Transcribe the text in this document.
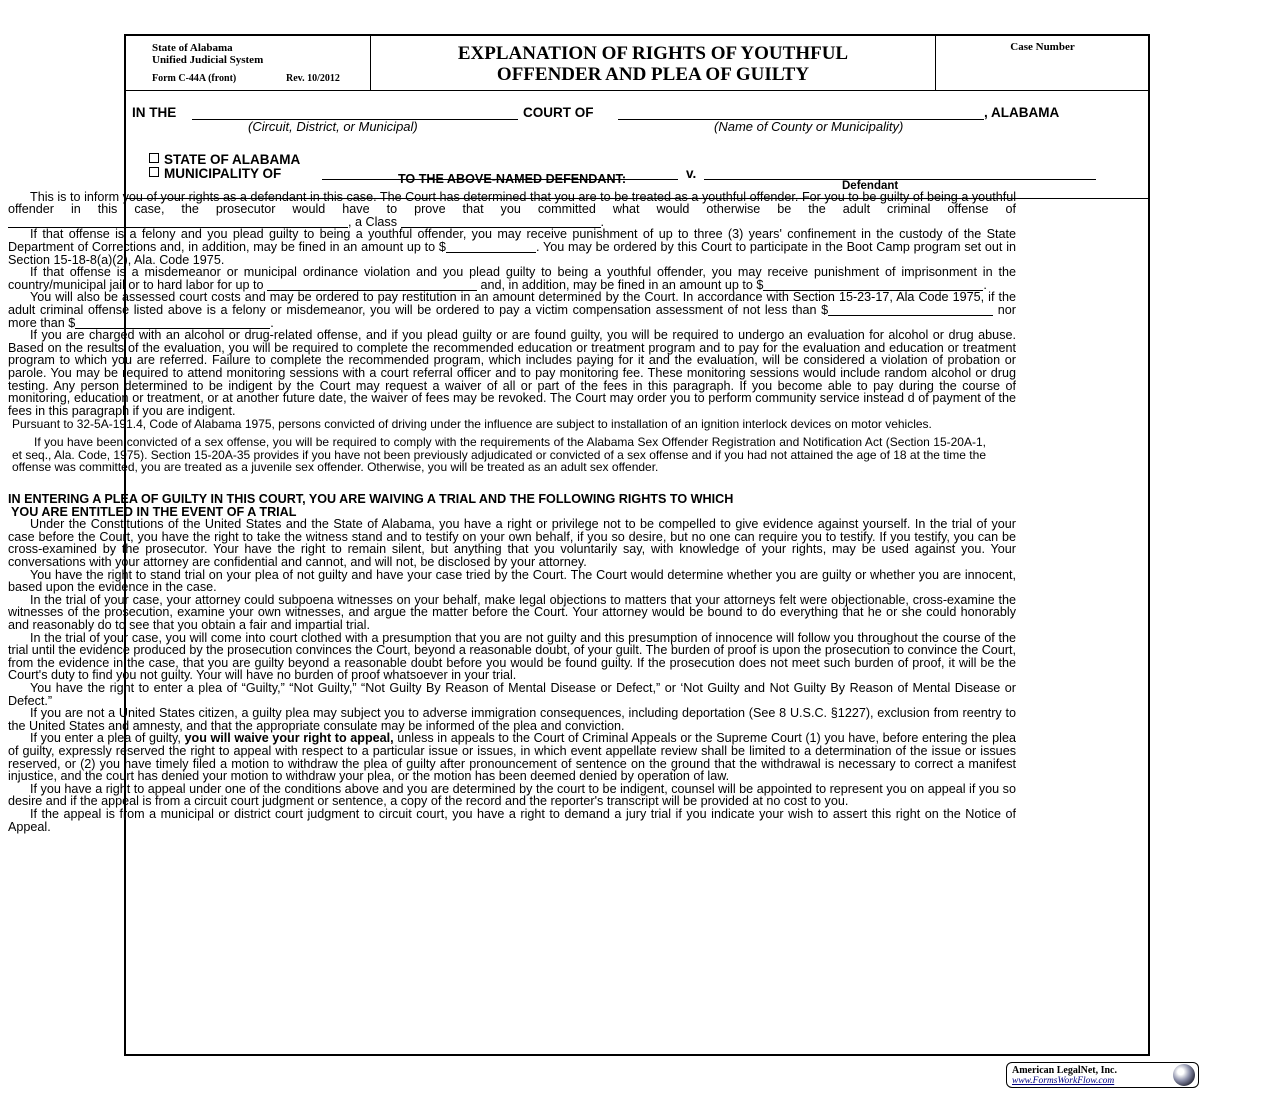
State of Alabama
Unified Judicial System
Form C-44A (front)	Rev. 10/2012
EXPLANATION OF RIGHTS OF YOUTHFUL
OFFENDER AND PLEA OF GUILTY
Case Number
IN THE	COURT OF	, ALABAMA
(Circuit, District, or Municipal)	(Name of County or Municipality)
STATE OF ALABAMA
MUNICIPALITY OF	v.
Defendant

TO THE ABOVE-NAMED DEFENDANT:

This is to inform you of your rights as a defendant in this case. The Court has determined that you are to be treated as a youthful offender. For you to be guilty of being a youthful offender in this case, the prosecutor would have to prove that you committed what would otherwise be the adult criminal offense of , a Class	.

If that offense is a felony and you plead guilty to being a youthful offender, you may receive punishment of up to three (3) years' confinement in the custody of the State Department of Corrections and, in addition, may be fined in an amount up to $	. You may be ordered by this Court to participate in the Boot Camp program set out in Section 15-18-8(a)(2), Ala. Code 1975.

If that offense is a misdemeanor or municipal ordinance violation and you plead guilty to being a youthful offender, you may receive punishment of imprisonment in the country/municipal jail or to hard labor for up to	and, in addition, may be fined in an amount up to $	.

You will also be assessed court costs and may be ordered to pay restitution in an amount determined by the Court. In accordance with Section 15-23-17, Ala Code 1975, if the adult criminal offense listed above is a felony or misdemeanor, you will be ordered to pay a victim compensation assessment of not less than $	nor more than $	.

If you are charged with an alcohol or drug-related offense, and if you plead guilty or are found guilty, you will be required to undergo an evaluation for alcohol or drug abuse. Based on the results of the evaluation, you will be required to complete the recommended education or treatment program and to pay for the evaluation and education or treatment program to which you are referred. Failure to complete the recommended program, which includes paying for it and the evaluation, will be considered a violation of probation or parole. You may be required to attend monitoring sessions with a court referral officer and to pay monitoring fee. These monitoring sessions would include random alcohol or drug testing. Any person determined to be indigent by the Court may request a waiver of all or part of the fees in this paragraph. If you become able to pay during the course of monitoring, education or treatment, or at another future date, the waiver of fees may be revoked. The Court may order you to perform community service instead d of payment of the fees in this paragraph if you are indigent.

Pursuant to 32-5A-191.4, Code of Alabama 1975, persons convicted of driving under the influence are subject to installation of an ignition interlock devices on motor vehicles.

If you have been convicted of a sex offense, you will be required to comply with the requirements of the Alabama Sex Offender Registration and Notification Act (Section 15-20A-1, et seq., Ala. Code, 1975). Section 15-20A-35 provides if you have not been previously adjudicated or convicted of a sex offense and if you had not attained the age of 18 at the time the offense was committed, you are treated as a juvenile sex offender. Otherwise, you will be treated as an adult sex offender.

IN ENTERING A PLEA OF GUILTY IN THIS COURT, YOU ARE WAIVING A TRIAL AND THE FOLLOWING RIGHTS TO WHICH

YOU ARE ENTITLED IN THE EVENT OF A TRIAL

Under the Constitutions of the United States and the State of Alabama, you have a right or privilege not to be compelled to give evidence against yourself. In the trial of your case before the Court, you have the right to take the witness stand and to testify on your own behalf, if you so desire, but no one can require you to testify. If you testify, you can be cross-examined by the prosecutor. Your have the right to remain silent, but anything that you voluntarily say, with knowledge of your rights, may be used against you. Your conversations with your attorney are confidential and cannot, and will not, be disclosed by your attorney.

You have the right to stand trial on your plea of not guilty and have your case tried by the Court. The Court would determine whether you are guilty or whether you are innocent, based upon the evidence in the case.

In the trial of your case, your attorney could subpoena witnesses on your behalf, make legal objections to matters that your attorneys felt were objectionable, cross-examine the witnesses of the prosecution, examine your own witnesses, and argue the matter before the Court. Your attorney would be bound to do everything that he or she could honorably and reasonably do to see that you obtain a fair and impartial trial.

In the trial of your case, you will come into court clothed with a presumption that you are not guilty and this presumption of innocence will follow you throughout the course of the trial until the evidence produced by the prosecution convinces the Court, beyond a reasonable doubt, of your guilt. The burden of proof is upon the prosecution to convince the Court, from the evidence in the case, that you are guilty beyond a reasonable doubt before you would be found guilty. If the prosecution does not meet such burden of proof, it will be the Court's duty to find you not guilty. Your will have no burden of proof whatsoever in your trial.

You have the right to enter a plea of “Guilty,” “Not Guilty,” “Not Guilty By Reason of Mental Disease or Defect,” or ‘Not Guilty and Not Guilty By Reason of Mental Disease or Defect.”

If you are not a United States citizen, a guilty plea may subject you to adverse immigration consequences, including deportation (See 8 U.S.C. §1227), exclusion from reentry to the United States and amnesty, and that the appropriate consulate may be informed of the plea and conviction.

If you enter a plea of guilty, you will waive your right to appeal, unless in appeals to the Court of Criminal Appeals or the Supreme Court (1) you have, before entering the plea of guilty, expressly reserved the right to appeal with respect to a particular issue or issues, in which event appellate review shall be limited to a determination of the issue or issues reserved, or (2) you have timely filed a motion to withdraw the plea of guilty after pronouncement of sentence on the ground that the withdrawal is necessary to correct a manifest injustice, and the court has denied your motion to withdraw your plea, or the motion has been deemed denied by operation of law.

If you have a right to appeal under one of the conditions above and you are determined by the court to be indigent, counsel will be appointed to represent you on appeal if you so desire and if the appeal is from a circuit court judgment or sentence, a copy of the record and the reporter's transcript will be provided at no cost to you.

If the appeal is from a municipal or district court judgment to circuit court, you have a right to demand a jury trial if you indicate your wish to assert this right on the Notice of Appeal.

American LegalNet, Inc.
www.FormsWorkFlow.com
